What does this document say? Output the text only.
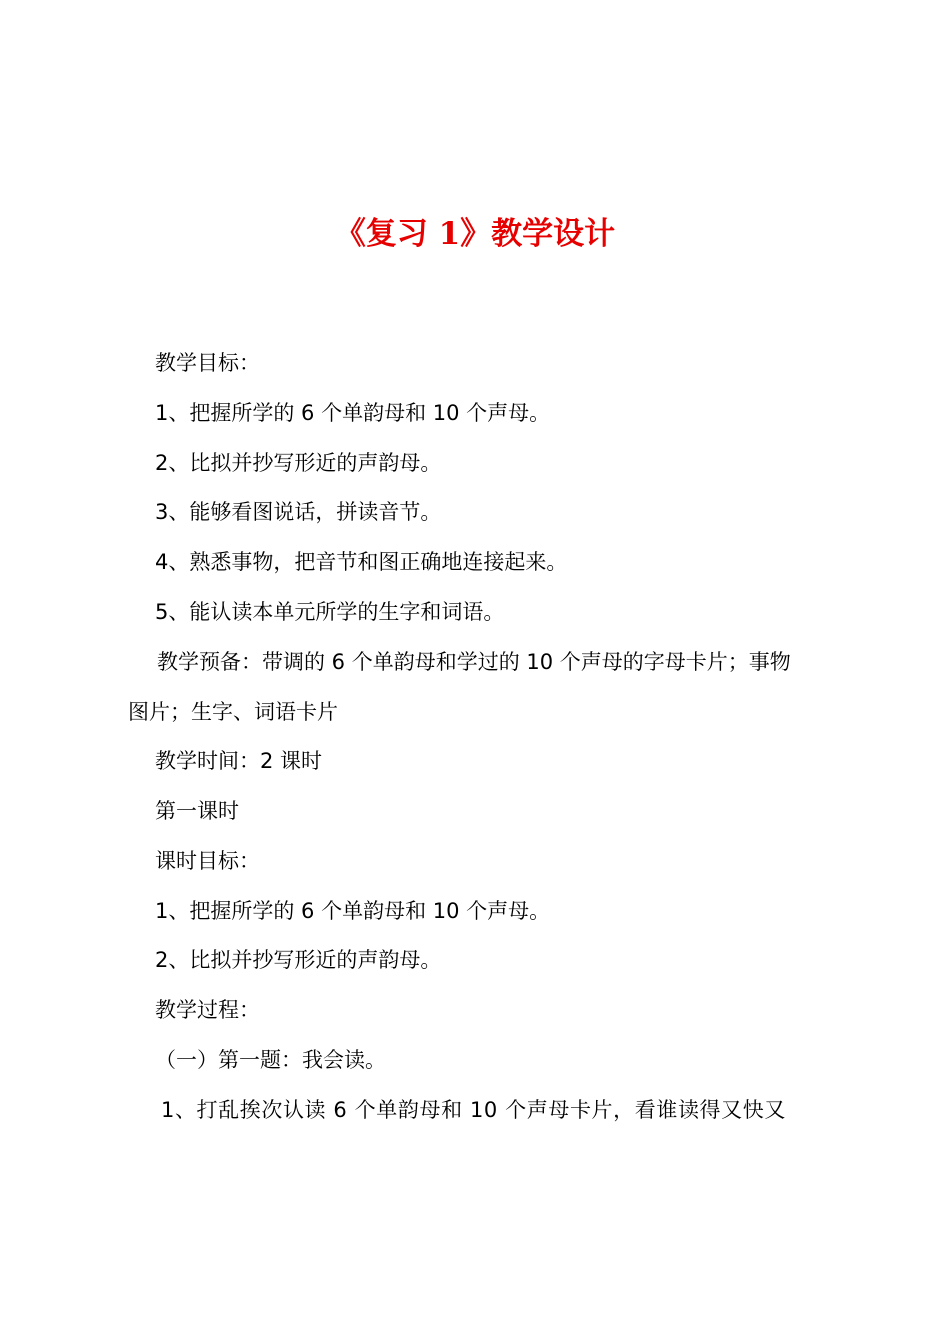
《复习 1》教学设计
教学目标：
1、把握所学的 6 个单韵母和 10 个声母。
2、比拟并抄写形近的声韵母。
3、能够看图说话，拼读音节。
4、熟悉事物，把音节和图正确地连接起来。
5、能认读本单元所学的生字和词语。
教学预备：带调的 6 个单韵母和学过的 10 个声母的字母卡片；事物
图片；生字、词语卡片
教学时间：2 课时
第一课时
课时目标：
1、把握所学的 6 个单韵母和 10 个声母。
2、比拟并抄写形近的声韵母。
教学过程：
（一）第一题：我会读。
1、打乱挨次认读 6 个单韵母和 10 个声母卡片，看谁读得又快又
